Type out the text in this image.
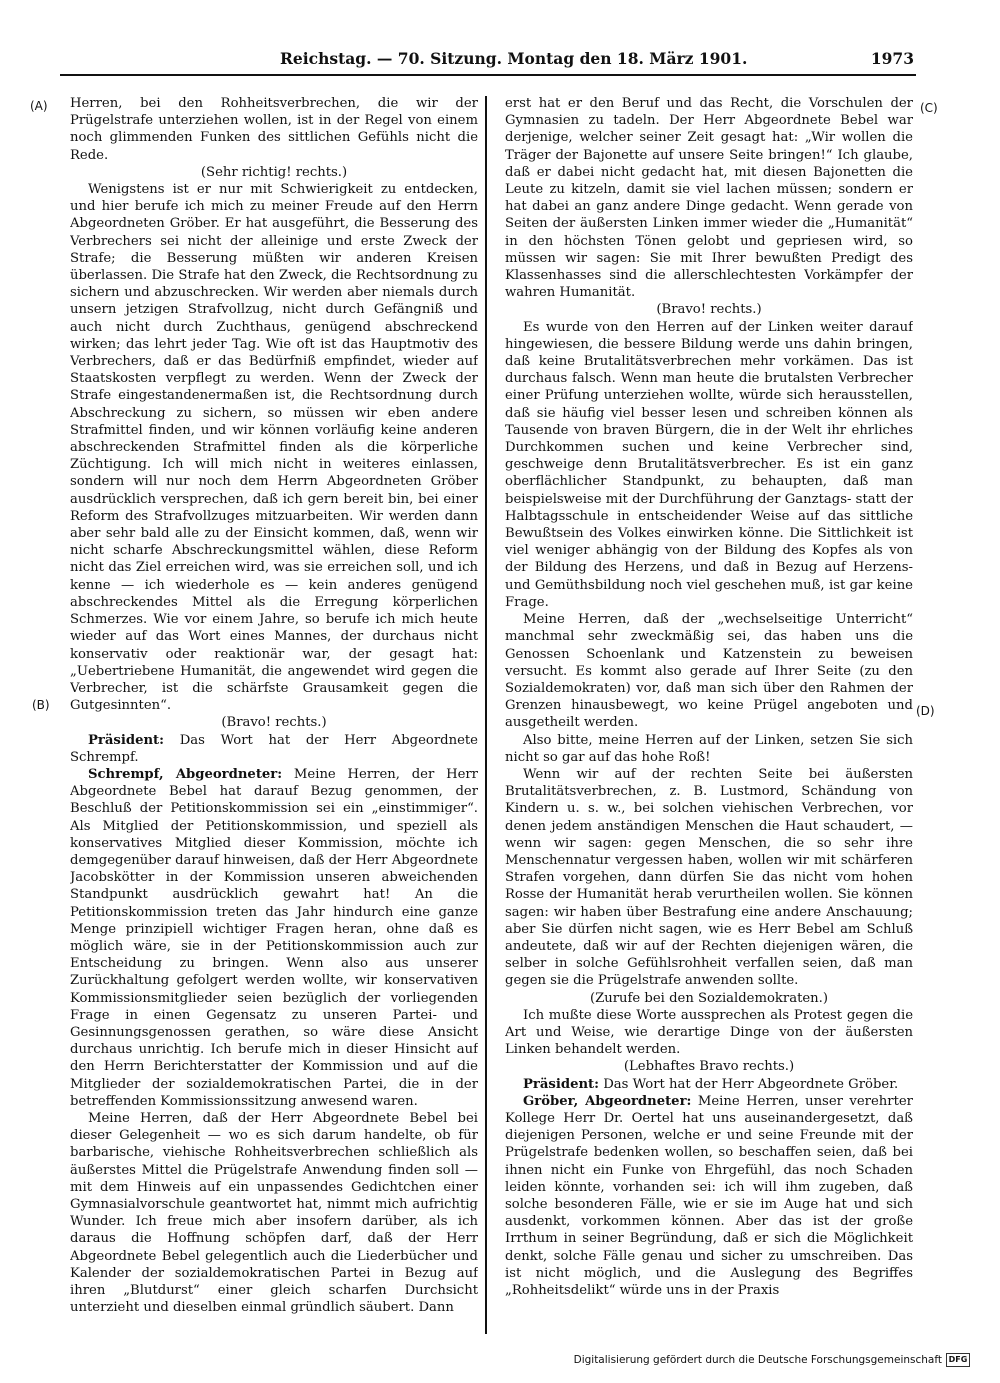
Reichstag. — 70. Sitzung. Montag den 18. März 1901.	1973
(A)
(B)
(C)
(D)

Herren, bei den Rohheitsverbrechen, die wir der Prügelstrafe unterziehen wollen, ist in der Regel von einem noch glimmenden Funken des sittlichen Gefühls nicht die Rede.

(Sehr richtig! rechts.)

Wenigstens ist er nur mit Schwierigkeit zu entdecken, und hier berufe ich mich zu meiner Freude auf den Herrn Abgeordneten Gröber. Er hat ausgeführt, die Besserung des Verbrechers sei nicht der alleinige und erste Zweck der Strafe; die Besserung müßten wir anderen Kreisen überlassen. Die Strafe hat den Zweck, die Rechtsordnung zu sichern und abzuschrecken. Wir werden aber niemals durch unsern jetzigen Strafvollzug, nicht durch Gefängniß und auch nicht durch Zuchthaus, genügend abschreckend wirken; das lehrt jeder Tag. Wie oft ist das Hauptmotiv des Verbrechers, daß er das Bedürfniß empfindet, wieder auf Staatskosten verpflegt zu werden. Wenn der Zweck der Strafe eingestandenermaßen ist, die Rechtsordnung durch Abschreckung zu sichern, so müssen wir eben andere Strafmittel finden, und wir können vorläufig keine anderen abschreckenden Strafmittel finden als die körperliche Züchtigung. Ich will mich nicht in weiteres einlassen, sondern will nur noch dem Herrn Abgeordneten Gröber ausdrücklich versprechen, daß ich gern bereit bin, bei einer Reform des Strafvollzuges mitzuarbeiten. Wir werden dann aber sehr bald alle zu der Einsicht kommen, daß, wenn wir nicht scharfe Abschreckungsmittel wählen, diese Reform nicht das Ziel erreichen wird, was sie erreichen soll, und ich kenne — ich wiederhole es — kein anderes genügend abschreckendes Mittel als die Erregung körperlichen Schmerzes. Wie vor einem Jahre, so berufe ich mich heute wieder auf das Wort eines Mannes, der durchaus nicht konservativ oder reaktionär war, der gesagt hat: „Uebertriebene Humanität, die angewendet wird gegen die Verbrecher, ist die schärfste Grausamkeit gegen die Gutgesinnten“.

(Bravo! rechts.)

Präsident: Das Wort hat der Herr Abgeordnete Schrempf.

Schrempf, Abgeordneter: Meine Herren, der Herr Abgeordnete Bebel hat darauf Bezug genommen, der Beschluß der Petitionskommission sei ein „einstimmiger“. Als Mitglied der Petitionskommission, und speziell als konservatives Mitglied dieser Kommission, möchte ich demgegenüber darauf hinweisen, daß der Herr Abgeordnete Jacobskötter in der Kommission unseren abweichenden Standpunkt ausdrücklich gewahrt hat! An die Petitionskommission treten das Jahr hindurch eine ganze Menge prinzipiell wichtiger Fragen heran, ohne daß es möglich wäre, sie in der Petitionskommission auch zur Entscheidung zu bringen. Wenn also aus unserer Zurückhaltung gefolgert werden wollte, wir konservativen Kommissionsmitglieder seien bezüglich der vorliegenden Frage in einen Gegensatz zu unseren Partei- und Gesinnungsgenossen gerathen, so wäre diese Ansicht durchaus unrichtig. Ich berufe mich in dieser Hinsicht auf den Herrn Berichterstatter der Kommission und auf die Mitglieder der sozialdemokratischen Partei, die in der betreffenden Kommissionssitzung anwesend waren.

Meine Herren, daß der Herr Abgeordnete Bebel bei dieser Gelegenheit — wo es sich darum handelte, ob für barbarische, viehische Rohheitsverbrechen schließlich als äußerstes Mittel die Prügelstrafe Anwendung finden soll — mit dem Hinweis auf ein unpassendes Gedichtchen einer Gymnasialvorschule geantwortet hat, nimmt mich aufrichtig Wunder. Ich freue mich aber insofern darüber, als ich daraus die Hoffnung schöpfen darf, daß der Herr Abgeordnete Bebel gelegentlich auch die Liederbücher und Kalender der sozialdemokratischen Partei in Bezug auf ihren „Blutdurst“ einer gleich scharfen Durchsicht unterzieht und dieselben einmal gründlich säubert. Dann

erst hat er den Beruf und das Recht, die Vorschulen der Gymnasien zu tadeln. Der Herr Abgeordnete Bebel war derjenige, welcher seiner Zeit gesagt hat: „Wir wollen die Träger der Bajonette auf unsere Seite bringen!“ Ich glaube, daß er dabei nicht gedacht hat, mit diesen Bajonetten die Leute zu kitzeln, damit sie viel lachen müssen; sondern er hat dabei an ganz andere Dinge gedacht. Wenn gerade von Seiten der äußersten Linken immer wieder die „Humanität“ in den höchsten Tönen gelobt und gepriesen wird, so müssen wir sagen: Sie mit Ihrer bewußten Predigt des Klassenhasses sind die allerschlechtesten Vorkämpfer der wahren Humanität.

(Bravo! rechts.)

Es wurde von den Herren auf der Linken weiter darauf hingewiesen, die bessere Bildung werde uns dahin bringen, daß keine Brutalitätsverbrechen mehr vorkämen. Das ist durchaus falsch. Wenn man heute die brutalsten Verbrecher einer Prüfung unterziehen wollte, würde sich herausstellen, daß sie häufig viel besser lesen und schreiben können als Tausende von braven Bürgern, die in der Welt ihr ehrliches Durchkommen suchen und keine Verbrecher sind, geschweige denn Brutalitätsverbrecher. Es ist ein ganz oberflächlicher Standpunkt, zu behaupten, daß man beispielsweise mit der Durchführung der Ganztags- statt der Halbtagsschule in entscheidender Weise auf das sittliche Bewußtsein des Volkes einwirken könne. Die Sittlichkeit ist viel weniger abhängig von der Bildung des Kopfes als von der Bildung des Herzens, und daß in Bezug auf Herzens- und Gemüthsbildung noch viel geschehen muß, ist gar keine Frage.

Meine Herren, daß der „wechselseitige Unterricht“ manchmal sehr zweckmäßig sei, das haben uns die Genossen Schoenlank und Katzenstein zu beweisen versucht. Es kommt also gerade auf Ihrer Seite (zu den Sozialdemokraten) vor, daß man sich über den Rahmen der Grenzen hinausbewegt, wo keine Prügel angeboten und ausgetheilt werden.

Also bitte, meine Herren auf der Linken, setzen Sie sich nicht so gar auf das hohe Roß!

Wenn wir auf der rechten Seite bei äußersten Brutalitätsverbrechen, z. B. Lustmord, Schändung von Kindern u. s. w., bei solchen viehischen Verbrechen, vor denen jedem anständigen Menschen die Haut schaudert, — wenn wir sagen: gegen Menschen, die so sehr ihre Menschennatur vergessen haben, wollen wir mit schärferen Strafen vorgehen, dann dürfen Sie das nicht vom hohen Rosse der Humanität herab verurtheilen wollen. Sie können sagen: wir haben über Bestrafung eine andere Anschauung; aber Sie dürfen nicht sagen, wie es Herr Bebel am Schluß andeutete, daß wir auf der Rechten diejenigen wären, die selber in solche Gefühlsrohheit verfallen seien, daß man gegen sie die Prügelstrafe anwenden sollte.

(Zurufe bei den Sozialdemokraten.)

Ich mußte diese Worte aussprechen als Protest gegen die Art und Weise, wie derartige Dinge von der äußersten Linken behandelt werden.

(Lebhaftes Bravo rechts.)

Präsident: Das Wort hat der Herr Abgeordnete Gröber.

Gröber, Abgeordneter: Meine Herren, unser verehrter Kollege Herr Dr. Oertel hat uns auseinandergesetzt, daß diejenigen Personen, welche er und seine Freunde mit der Prügelstrafe bedenken wollen, so beschaffen seien, daß bei ihnen nicht ein Funke von Ehrgefühl, das noch Schaden leiden könnte, vorhanden sei: ich will ihm zugeben, daß solche besonderen Fälle, wie er sie im Auge hat und sich ausdenkt, vorkommen können. Aber das ist der große Irrthum in seiner Begründung, daß er sich die Möglichkeit denkt, solche Fälle genau und sicher zu umschreiben. Das ist nicht möglich, und die Auslegung des Begriffes „Rohheitsdelikt“ würde uns in der Praxis

Digitalisierung gefördert durch die Deutsche Forschungsgemeinschaft DFG
